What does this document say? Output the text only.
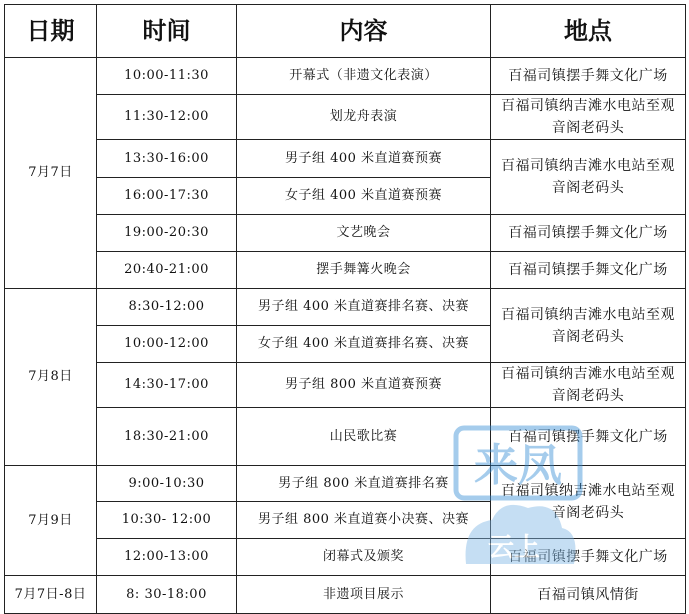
日期	时间	内容	地点
7月7日	10:00-11:30	开幕式（非遗文化表演）	百福司镇摆手舞文化广场
	11:30-12:00	划龙舟表演	百福司镇纳吉滩水电站至观音阁老码头
	13:30-16:00	男子组 400 米直道赛预赛	百福司镇纳吉滩水电站至观音阁老码头
	16:00-17:30	女子组 400 米直道赛预赛	
	19:00-20:30	文艺晚会	百福司镇摆手舞文化广场
	20:40-21:00	摆手舞篝火晚会	百福司镇摆手舞文化广场
7月8日	8:30-12:00	男子组 400 米直道赛排名赛、决赛	百福司镇纳吉滩水电站至观音阁老码头
	10:00-12:00	女子组 400 米直道赛排名赛、决赛	
	14:30-17:00	男子组 800 米直道赛预赛	百福司镇纳吉滩水电站至观音阁老码头
	18:30-21:00	山民歌比赛	百福司镇摆手舞文化广场
7月9日	9:00-10:30	男子组 800 米直道赛排名赛	百福司镇纳吉滩水电站至观音阁老码头
	10:30- 12:00	男子组 800 米直道赛小决赛、决赛	
	12:00-13:00	闭幕式及颁奖	百福司镇摆手舞文化广场
7月7日-8日	8: 30-18:00	非遗项目展示	百福司镇风情街
来凤
云上
